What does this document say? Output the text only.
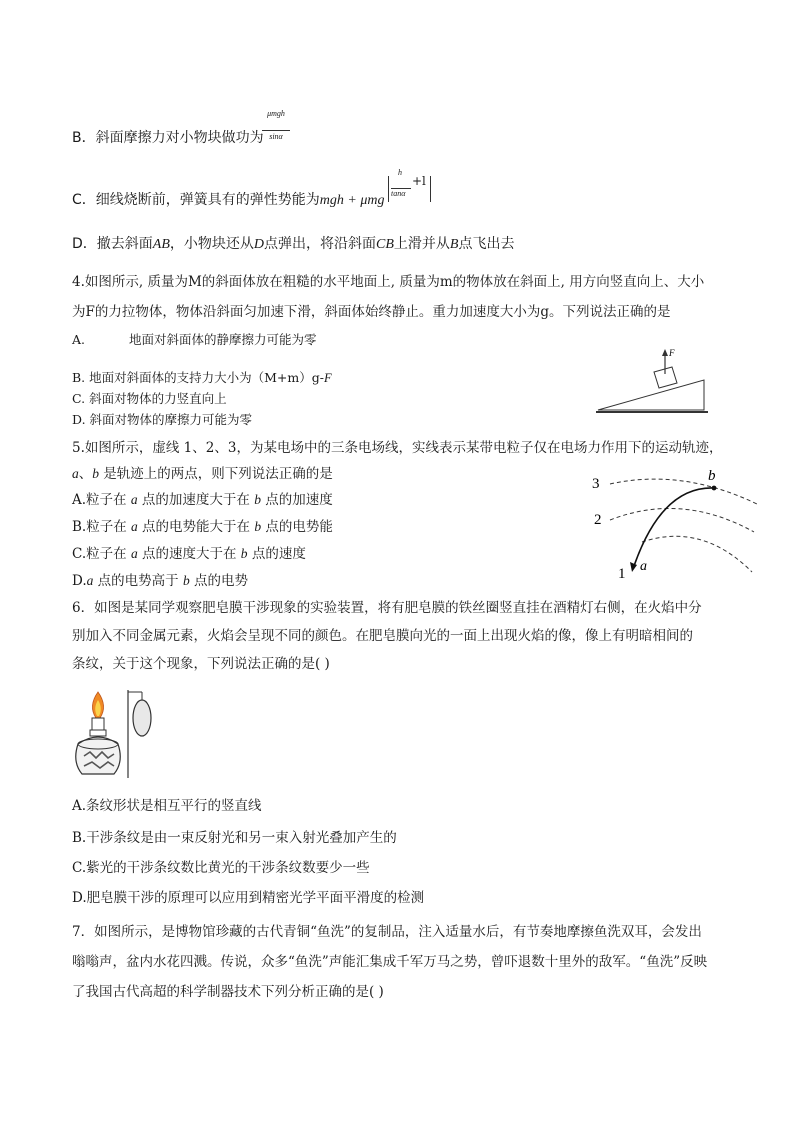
B．斜面摩擦力对小物块做功为
μmgh
sinα
C．细线烧断前，弹簧具有的弹性势能为mgh + μmg
h
+ l
tanα
D．撤去斜面AB，小物块还从D点弹出，将沿斜面CB上滑并从B点飞出去
4.如图所示, 质量为M的斜面体放在粗糙的水平地面上, 质量为m的物体放在斜面上, 用方向竖直向上、大小
为F的力拉物体，物体沿斜面匀加速下滑，斜面体始终静止。重力加速度大小为g。下列说法正确的是
A.	地面对斜面体的静摩擦力可能为零
B. 地面对斜面体的支持力大小为（M+m）g-F
C. 斜面对物体的力竖直向上
D. 斜面对物体的摩擦力可能为零
F
5.如图所示，虚线 1、2、3，为某电场中的三条电场线，实线表示某带电粒子仅在电场力作用下的运动轨迹，
a、b 是轨迹上的两点，则下列说法正确的是
A.粒子在 a 点的加速度大于在 b 点的加速度
B.粒子在 a 点的电势能大于在 b 点的电势能
C.粒子在 a 点的速度大于在 b 点的速度
D.a 点的电势高于 b 点的电势
3
2
1 a
b
6．如图是某同学观察肥皂膜干涉现象的实验装置，将有肥皂膜的铁丝圈竖直挂在酒精灯右侧，在火焰中分
别加入不同金属元素，火焰会呈现不同的颜色。在肥皂膜向光的一面上出现火焰的像，像上有明暗相间的
条纹，关于这个现象，下列说法正确的是( )
A.条纹形状是相互平行的竖直线
B.干涉条纹是由一束反射光和另一束入射光叠加产生的
C.紫光的干涉条纹数比黄光的干涉条纹数要少一些
D.肥皂膜干涉的原理可以应用到精密光学平面平滑度的检测
7．如图所示，是博物馆珍藏的古代青铜“鱼洗”的复制品，注入适量水后，有节奏地摩擦鱼洗双耳，会发出
嗡嗡声，盆内水花四溅。传说，众多“鱼洗”声能汇集成千军万马之势，曾吓退数十里外的敌军。“鱼洗”反映
了我国古代高超的科学制器技术下列分析正确的是( )
